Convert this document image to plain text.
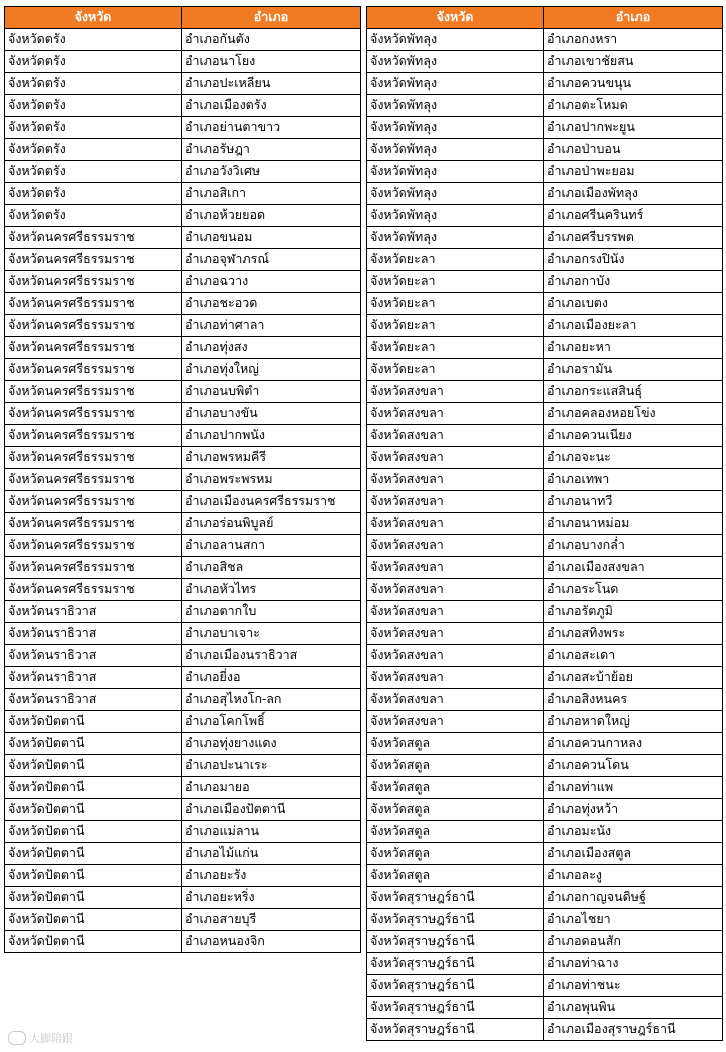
จังหวัด	อำเภอ
จังหวัดตรัง	อำเภอกันตัง
จังหวัดตรัง	อำเภอนาโยง
จังหวัดตรัง	อำเภอปะเหลียน
จังหวัดตรัง	อำเภอเมืองตรัง
จังหวัดตรัง	อำเภอย่านตาขาว
จังหวัดตรัง	อำเภอรัษฎา
จังหวัดตรัง	อำเภอวังวิเศษ
จังหวัดตรัง	อำเภอสิเกา
จังหวัดตรัง	อำเภอห้วยยอด
จังหวัดนครศรีธรรมราช	อำเภอขนอม
จังหวัดนครศรีธรรมราช	อำเภอจุฬาภรณ์
จังหวัดนครศรีธรรมราช	อำเภอฉวาง
จังหวัดนครศรีธรรมราช	อำเภอชะอวด
จังหวัดนครศรีธรรมราช	อำเภอท่าศาลา
จังหวัดนครศรีธรรมราช	อำเภอทุ่งสง
จังหวัดนครศรีธรรมราช	อำเภอทุ่งใหญ่
จังหวัดนครศรีธรรมราช	อำเภอนบพิตำ
จังหวัดนครศรีธรรมราช	อำเภอบางขัน
จังหวัดนครศรีธรรมราช	อำเภอปากพนัง
จังหวัดนครศรีธรรมราช	อำเภอพรหมคีรี
จังหวัดนครศรีธรรมราช	อำเภอพระพรหม
จังหวัดนครศรีธรรมราช	อำเภอเมืองนครศรีธรรมราช
จังหวัดนครศรีธรรมราช	อำเภอร่อนพิบูลย์
จังหวัดนครศรีธรรมราช	อำเภอลานสกา
จังหวัดนครศรีธรรมราช	อำเภอสิชล
จังหวัดนครศรีธรรมราช	อำเภอหัวไทร
จังหวัดนราธิวาส	อำเภอตากใบ
จังหวัดนราธิวาส	อำเภอบาเจาะ
จังหวัดนราธิวาส	อำเภอเมืองนราธิวาส
จังหวัดนราธิวาส	อำเภอยี่งอ
จังหวัดนราธิวาส	อำเภอสุไหงโก-ลก
จังหวัดปัตตานี	อำเภอโคกโพธิ์
จังหวัดปัตตานี	อำเภอทุ่งยางแดง
จังหวัดปัตตานี	อำเภอปะนาเระ
จังหวัดปัตตานี	อำเภอมายอ
จังหวัดปัตตานี	อำเภอเมืองปัตตานี
จังหวัดปัตตานี	อำเภอแม่ลาน
จังหวัดปัตตานี	อำเภอไม้แก่น
จังหวัดปัตตานี	อำเภอยะรัง
จังหวัดปัตตานี	อำเภอยะหริ่ง
จังหวัดปัตตานี	อำเภอสายบุรี
จังหวัดปัตตานี	อำเภอหนองจิก
จังหวัด	อำเภอ
จังหวัดพัทลุง	อำเภอกงหรา
จังหวัดพัทลุง	อำเภอเขาชัยสน
จังหวัดพัทลุง	อำเภอควนขนุน
จังหวัดพัทลุง	อำเภอตะโหมด
จังหวัดพัทลุง	อำเภอปากพะยูน
จังหวัดพัทลุง	อำเภอป่าบอน
จังหวัดพัทลุง	อำเภอป่าพะยอม
จังหวัดพัทลุง	อำเภอเมืองพัทลุง
จังหวัดพัทลุง	อำเภอศรีนครินทร์
จังหวัดพัทลุง	อำเภอศรีบรรพต
จังหวัดยะลา	อำเภอกรงปินัง
จังหวัดยะลา	อำเภอกาบัง
จังหวัดยะลา	อำเภอเบตง
จังหวัดยะลา	อำเภอเมืองยะลา
จังหวัดยะลา	อำเภอยะหา
จังหวัดยะลา	อำเภอรามัน
จังหวัดสงขลา	อำเภอกระแสสินธุ์
จังหวัดสงขลา	อำเภอคลองหอยโข่ง
จังหวัดสงขลา	อำเภอควนเนียง
จังหวัดสงขลา	อำเภอจะนะ
จังหวัดสงขลา	อำเภอเทพา
จังหวัดสงขลา	อำเภอนาทวี
จังหวัดสงขลา	อำเภอนาหม่อม
จังหวัดสงขลา	อำเภอบางกล่ำ
จังหวัดสงขลา	อำเภอเมืองสงขลา
จังหวัดสงขลา	อำเภอระโนด
จังหวัดสงขลา	อำเภอรัตภูมิ
จังหวัดสงขลา	อำเภอสทิงพระ
จังหวัดสงขลา	อำเภอสะเดา
จังหวัดสงขลา	อำเภอสะบ้าย้อย
จังหวัดสงขลา	อำเภอสิงหนคร
จังหวัดสงขลา	อำเภอหาดใหญ่
จังหวัดสตูล	อำเภอควนกาหลง
จังหวัดสตูล	อำเภอควนโดน
จังหวัดสตูล	อำเภอท่าแพ
จังหวัดสตูล	อำเภอทุ่งหว้า
จังหวัดสตูล	อำเภอมะนัง
จังหวัดสตูล	อำเภอเมืองสตูล
จังหวัดสตูล	อำเภอละงู
จังหวัดสุราษฎร์ธานี	อำเภอกาญจนดิษฐ์
จังหวัดสุราษฎร์ธานี	อำเภอไชยา
จังหวัดสุราษฎร์ธานี	อำเภอดอนสัก
จังหวัดสุราษฎร์ธานี	อำเภอท่าฉาง
จังหวัดสุราษฎร์ธานี	อำเภอท่าชนะ
จังหวัดสุราษฎร์ธานี	อำเภอพุนพิน
จังหวัดสุราษฎร์ธานี	อำเภอเมืองสุราษฎร์ธานี
大脚陪跟
